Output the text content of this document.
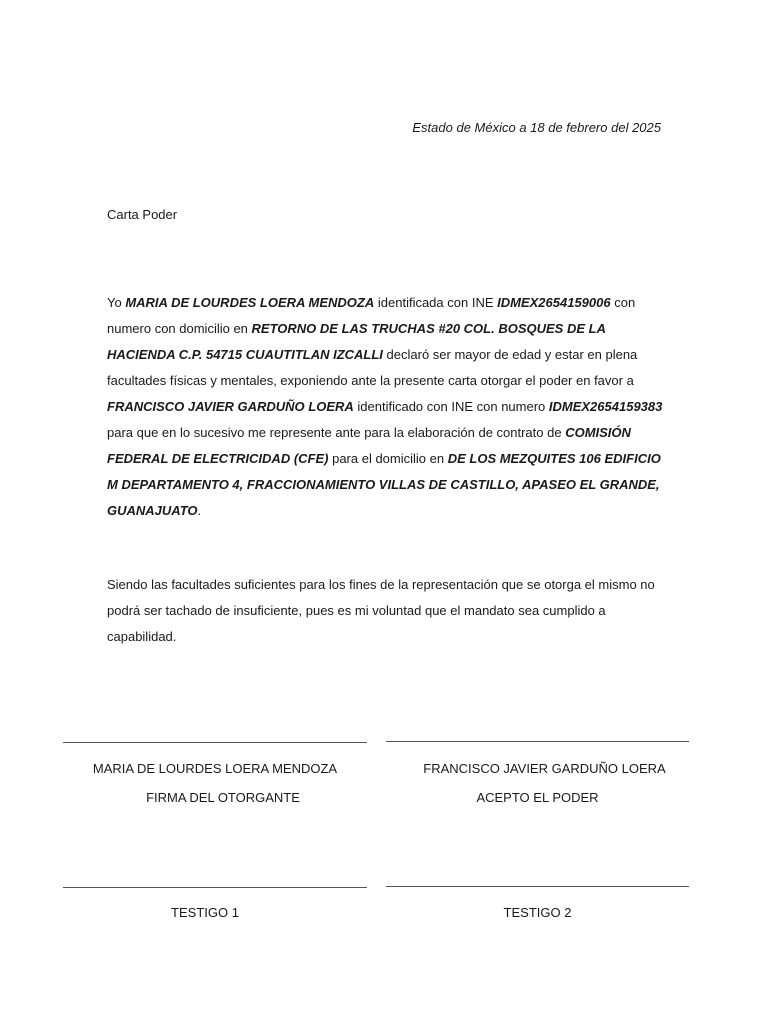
Estado de México a 18 de febrero del 2025

Carta Poder

Yo MARIA DE LOURDES LOERA MENDOZA identificada con INE IDMEX2654159006 con numero con domicilio en RETORNO DE LAS TRUCHAS #20 COL. BOSQUES DE LA HACIENDA C.P. 54715 CUAUTITLAN IZCALLI declaró ser mayor de edad y estar en plena facultades físicas y mentales, exponiendo ante la presente carta otorgar el poder en favor a FRANCISCO JAVIER GARDUÑO LOERA identificado con INE con numero IDMEX2654159383 para que en lo sucesivo me represente ante para la elaboración de contrato de COMISIÓN FEDERAL DE ELECTRICIDAD (CFE) para el domicilio en DE LOS MEZQUITES 106 EDIFICIO M DEPARTAMENTO 4, FRACCIONAMIENTO VILLAS DE CASTILLO, APASEO EL GRANDE, GUANAJUATO.

Siendo las facultades suficientes para los fines de la representación que se otorga el mismo no podrá ser tachado de insuficiente, pues es mi voluntad que el mandato sea cumplido a capabilidad.

MARIA DE LOURDES LOERA MENDOZA

FIRMA DEL OTORGANTE

FRANCISCO JAVIER GARDUÑO LOERA

ACEPTO EL PODER

TESTIGO 1	TESTIGO 2
